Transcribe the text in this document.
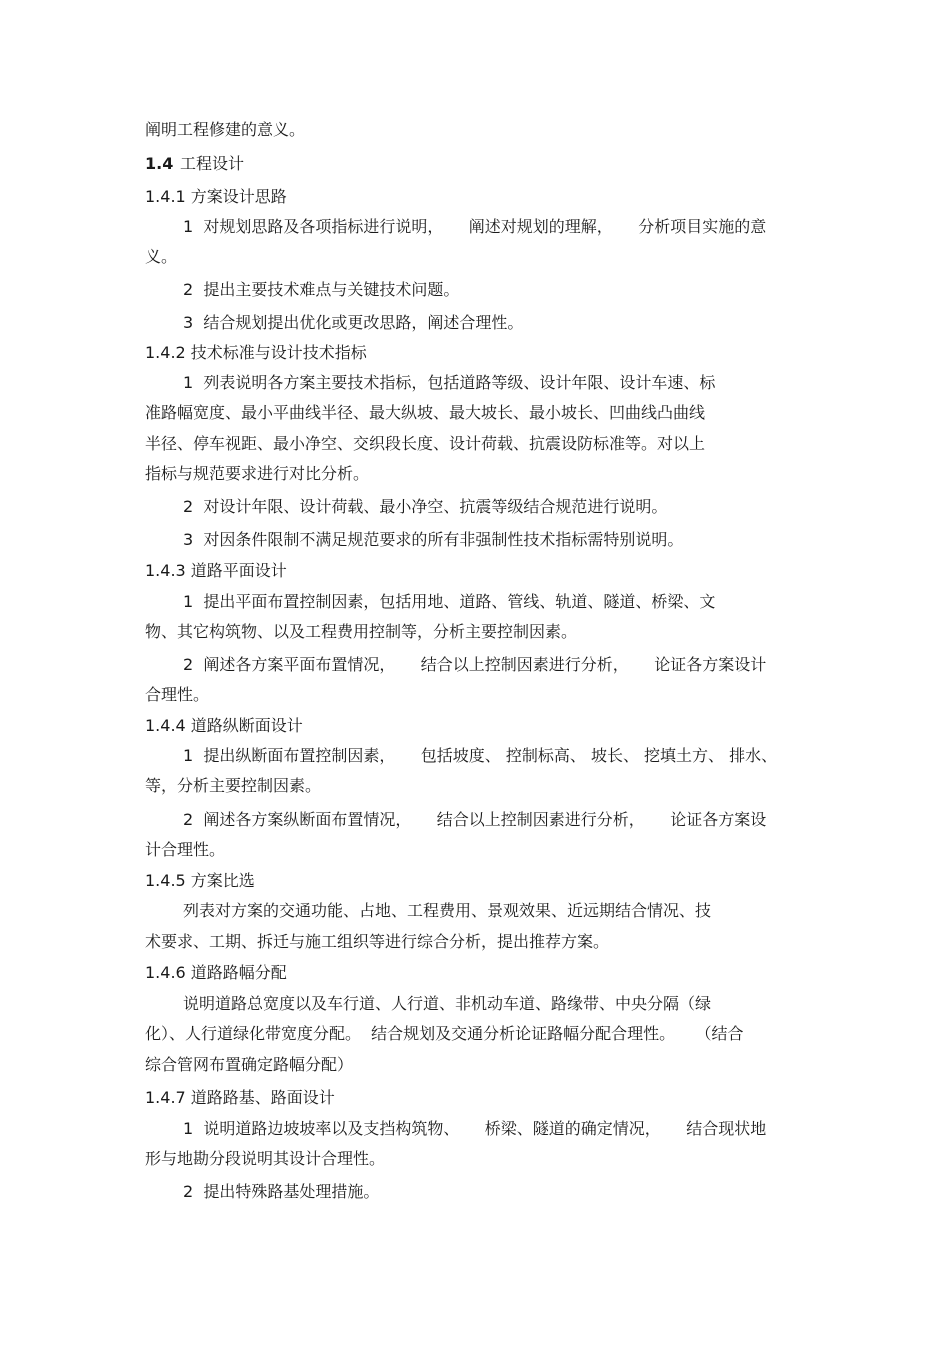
阐明工程修建的意义。
1.4 工程设计
1.4.1 方案设计思路
1  对规划思路及各项指标进行说明，     阐述对规划的理解，     分析项目实施的意
义。
2  提出主要技术难点与关键技术问题。
3  结合规划提出优化或更改思路，阐述合理性。
1.4.2 技术标准与设计技术指标
1  列表说明各方案主要技术指标，包括道路等级、设计年限、设计车速、标
准路幅宽度、最小平曲线半径、最大纵坡、最大坡长、最小坡长、凹曲线凸曲线
半径、停车视距、最小净空、交织段长度、设计荷载、抗震设防标准等。对以上
指标与规范要求进行对比分析。
2  对设计年限、设计荷载、最小净空、抗震等级结合规范进行说明。
3  对因条件限制不满足规范要求的所有非强制性技术指标需特别说明。
1.4.3 道路平面设计
1  提出平面布置控制因素，包括用地、道路、管线、轨道、隧道、桥梁、文
物、其它构筑物、以及工程费用控制等，分析主要控制因素。
2  阐述各方案平面布置情况，     结合以上控制因素进行分析，     论证各方案设计
合理性。
1.4.4 道路纵断面设计
1  提出纵断面布置控制因素，     包括坡度、 控制标高、 坡长、 挖填土方、 排水、
等，分析主要控制因素。
2  阐述各方案纵断面布置情况，     结合以上控制因素进行分析，     论证各方案设
计合理性。
1.4.5 方案比选
列表对方案的交通功能、占地、工程费用、景观效果、近远期结合情况、技
术要求、工期、拆迁与施工组织等进行综合分析，提出推荐方案。
1.4.6 道路路幅分配
说明道路总宽度以及车行道、人行道、非机动车道、路缘带、中央分隔（绿
化）、人行道绿化带宽度分配。  结合规划及交通分析论证路幅分配合理性。    （结合
综合管网布置确定路幅分配）
1.4.7 道路路基、路面设计
1  说明道路边坡坡率以及支挡构筑物、     桥梁、隧道的确定情况，     结合现状地
形与地勘分段说明其设计合理性。
2  提出特殊路基处理措施。
